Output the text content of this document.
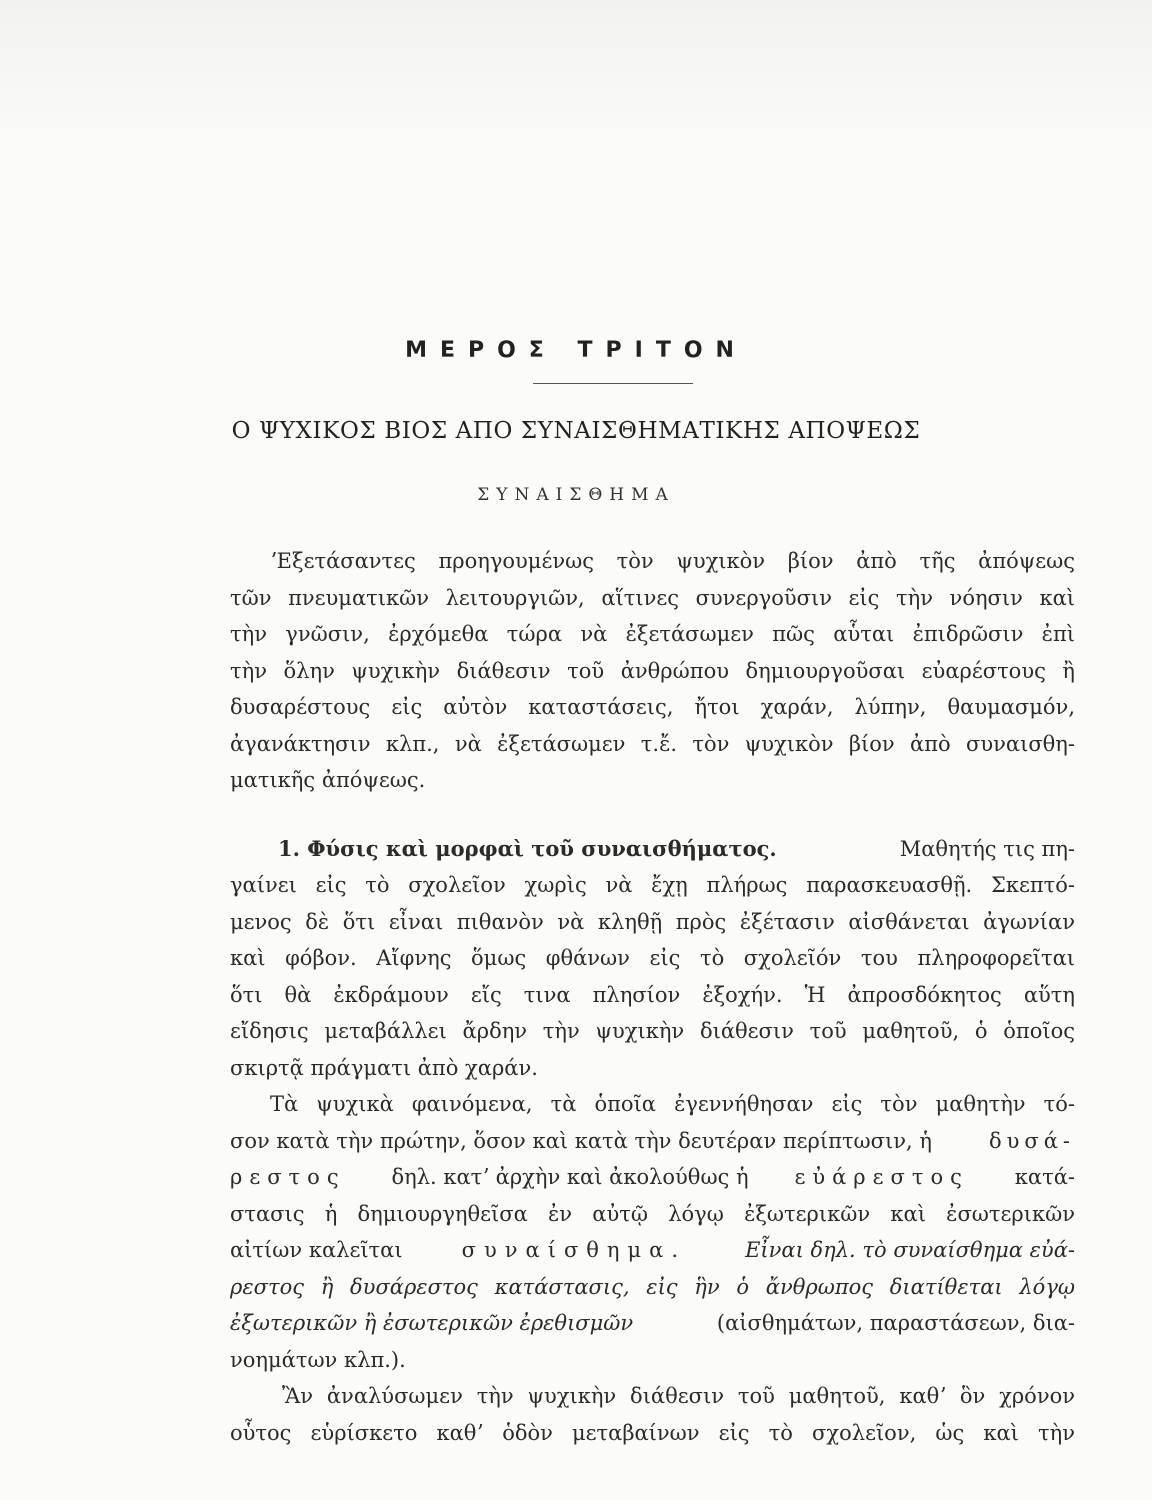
ΜΕΡΟΣ ΤΡΙΤΟΝ
Ο ΨΥΧΙΚΟΣ ΒΙΟΣ ΑΠΟ ΣΥΝΑΙΣΘΗΜΑΤΙΚΗΣ ΑΠΟΨΕΩΣ
ΣΥΝΑΙΣΘΗΜΑ
ʼΕξετάσαντες προηγουμένως τὸν ψυχικὸν βίον ἀπὸ τῆς ἀπόψεως
τῶν πνευματικῶν λειτουργιῶν, αἵτινες συνεργοῦσιν εἰς τὴν νόησιν καὶ
τὴν γνῶσιν, ἐρχόμεθα τώρα νὰ ἐξετάσωμεν πῶς αὗται ἐπιδρῶσιν ἐπὶ
τὴν ὅλην ψυχικὴν διάθεσιν τοῦ ἀνθρώπου δημιουργοῦσαι εὐαρέστους ἢ
δυσαρέστους εἰς αὐτὸν καταστάσεις, ἤτοι χαράν, λύπην, θαυμασμόν,
ἀγανάκτησιν κλπ., νὰ ἐξετάσωμεν τ.ἔ. τὸν ψυχικὸν βίον ἀπὸ συναισθη-
ματικῆς ἀπόψεως.
1. Φύσις καὶ μορφαὶ τοῦ συναισθήματος.	Μαθητής τις πη-
γαίνει εἰς τὸ σχολεῖον χωρὶς νὰ ἔχῃ πλήρως παρασκευασθῇ. Σκεπτό-
μενος δὲ ὅτι εἶναι πιθανὸν νὰ κληθῇ πρὸς ἐξέτασιν αἰσθάνεται ἀγωνίαν
καὶ φόβον. Αἴφνης ὅμως φθάνων εἰς τὸ σχολεῖόν του πληροφορεῖται
ὅτι θὰ ἐκδράμουν εἴς τινα πλησίον ἐξοχήν. Ἡ ἀπροσδόκητος αὕτη
εἴδησις μεταβάλλει ἄρδην τὴν ψυχικὴν διάθεσιν τοῦ μαθητοῦ, ὁ ὁποῖος
σκιρτᾷ πράγματι ἀπὸ χαράν.
Τὰ ψυχικὰ φαινόμενα, τὰ ὁποῖα ἐγεννήθησαν εἰς τὸν μαθητὴν τό-
σον κατὰ τὴν πρώτην, ὅσον καὶ κατὰ τὴν δευτέραν περίπτωσιν, ἡ	δυσά-
ρεστος δηλ. κατʼ ἀρχὴν καὶ ἀκολούθως ἡ εὐάρεστος κατά-
στασις ἡ δημιουργηθεῖσα ἐν αὐτῷ λόγῳ ἐξωτερικῶν καὶ ἐσωτερικῶν
αἰτίων καλεῖται	συναίσθημα.	Εἶναι δηλ. τὸ συναίσθημα εὐά-
ρεστος ἢ δυσάρεστος κατάστασις, εἰς ἣν ὁ ἄνθρωπος διατίθεται λόγῳ
ἐξωτερικῶν ἢ ἐσωτερικῶν ἐρεθισμῶν	(αἰσθημάτων, παραστάσεων, δια-
νοημάτων κλπ.).
Ἂν ἀναλύσωμεν τὴν ψυχικὴν διάθεσιν τοῦ μαθητοῦ, καθʼ ὃν χρόνον
οὗτος εὑρίσκετο καθʼ ὁδὸν μεταβαίνων εἰς τὸ σχολεῖον, ὡς καὶ τὴν
